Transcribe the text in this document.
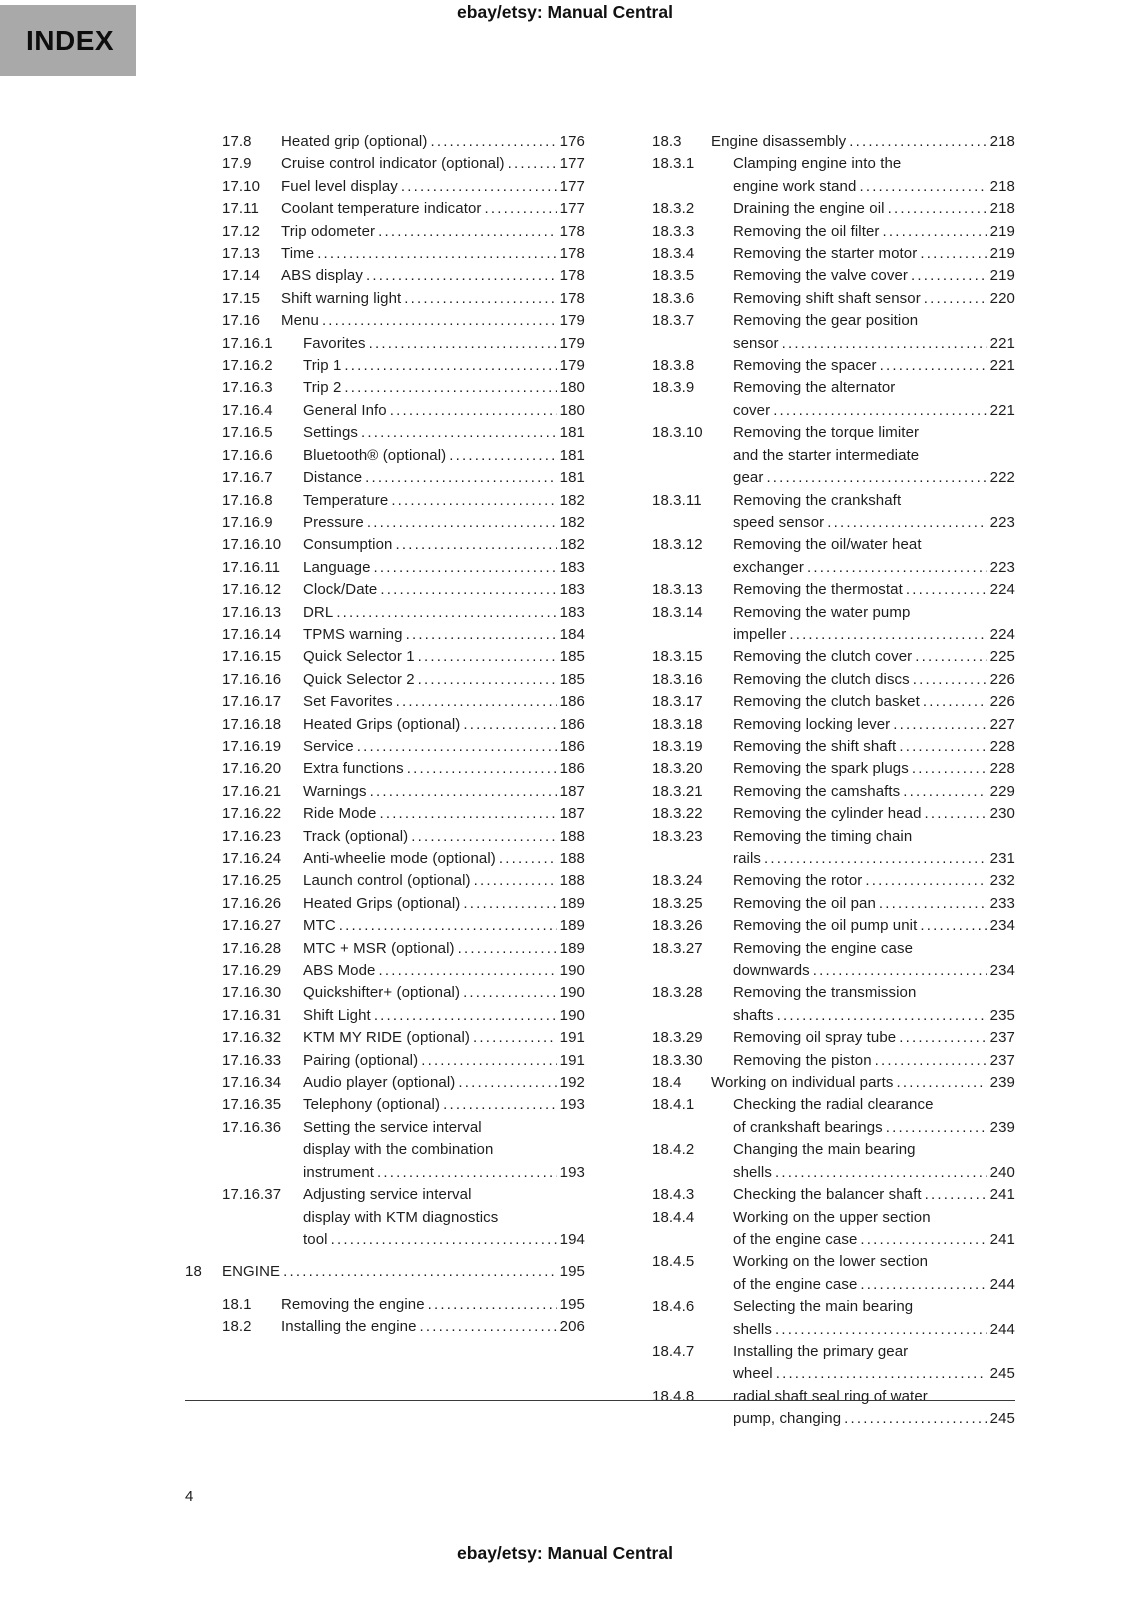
ebay/etsy: Manual Central
INDEX
17.8	Heated grip (optional) .....	176
17.9	Cruise control indicator (optional) .....	177
17.10	Fuel level display .....	177
17.11	Coolant temperature indicator .....	177
17.12	Trip odometer .....	178
17.13	Time .....	178
17.14	ABS display .....	178
17.15	Shift warning light .....	178
17.16	Menu .....	179
17.16.1	Favorites .....	179
17.16.2	Trip 1 .....	179
17.16.3	Trip 2 .....	180
17.16.4	General Info .....	180
17.16.5	Settings .....	181
17.16.6	Bluetooth® (optional) .....	181
17.16.7	Distance .....	181
17.16.8	Temperature .....	182
17.16.9	Pressure .....	182
17.16.10	Consumption .....	182
17.16.11	Language .....	183
17.16.12	Clock/Date .....	183
17.16.13	DRL .....	183
17.16.14	TPMS warning .....	184
17.16.15	Quick Selector 1 .....	185
17.16.16	Quick Selector 2 .....	185
17.16.17	Set Favorites .....	186
17.16.18	Heated Grips (optional) .....	186
17.16.19	Service .....	186
17.16.20	Extra functions .....	186
17.16.21	Warnings .....	187
17.16.22	Ride Mode .....	187
17.16.23	Track (optional) .....	188
17.16.24	Anti-wheelie mode (optional) .....	188
17.16.25	Launch control (optional) .....	188
17.16.26	Heated Grips (optional) .....	189
17.16.27	MTC .....	189
17.16.28	MTC + MSR (optional) .....	189
17.16.29	ABS Mode .....	190
17.16.30	Quickshifter+ (optional) .....	190
17.16.31	Shift Light .....	190
17.16.32	KTM MY RIDE (optional) .....	191
17.16.33	Pairing (optional) .....	191
17.16.34	Audio player (optional) .....	192
17.16.35	Telephony (optional) .....	193
17.16.36	Setting the service interval display with the combination instrument .....	193
17.16.37	Adjusting service interval display with KTM diagnostics tool .....	194
18	ENGINE .....	195
18.1	Removing the engine .....	195
18.2	Installing the engine .....	206
18.3	Engine disassembly .....	218
18.3.1	Clamping engine into the engine work stand .....	218
18.3.2	Draining the engine oil .....	218
18.3.3	Removing the oil filter .....	219
18.3.4	Removing the starter motor .....	219
18.3.5	Removing the valve cover .....	219
18.3.6	Removing shift shaft sensor .....	220
18.3.7	Removing the gear position sensor .....	221
18.3.8	Removing the spacer .....	221
18.3.9	Removing the alternator cover .....	221
18.3.10	Removing the torque limiter and the starter intermediate gear .....	222
18.3.11	Removing the crankshaft speed sensor .....	223
18.3.12	Removing the oil/water heat exchanger .....	223
18.3.13	Removing the thermostat .....	224
18.3.14	Removing the water pump impeller .....	224
18.3.15	Removing the clutch cover .....	225
18.3.16	Removing the clutch discs .....	226
18.3.17	Removing the clutch basket .....	226
18.3.18	Removing locking lever .....	227
18.3.19	Removing the shift shaft .....	228
18.3.20	Removing the spark plugs .....	228
18.3.21	Removing the camshafts .....	229
18.3.22	Removing the cylinder head .....	230
18.3.23	Removing the timing chain rails .....	231
18.3.24	Removing the rotor .....	232
18.3.25	Removing the oil pan .....	233
18.3.26	Removing the oil pump unit .....	234
18.3.27	Removing the engine case downwards .....	234
18.3.28	Removing the transmission shafts .....	235
18.3.29	Removing oil spray tube .....	237
18.3.30	Removing the piston .....	237
18.4	Working on individual parts .....	239
18.4.1	Checking the radial clearance of crankshaft bearings .....	239
18.4.2	Changing the main bearing shells .....	240
18.4.3	Checking the balancer shaft .....	241
18.4.4	Working on the upper section of the engine case .....	241
18.4.5	Working on the lower section of the engine case .....	244
18.4.6	Selecting the main bearing shells .....	244
18.4.7	Installing the primary gear wheel .....	245
18.4.8	radial shaft seal ring of water pump, changing .....	245
4
ebay/etsy: Manual Central
